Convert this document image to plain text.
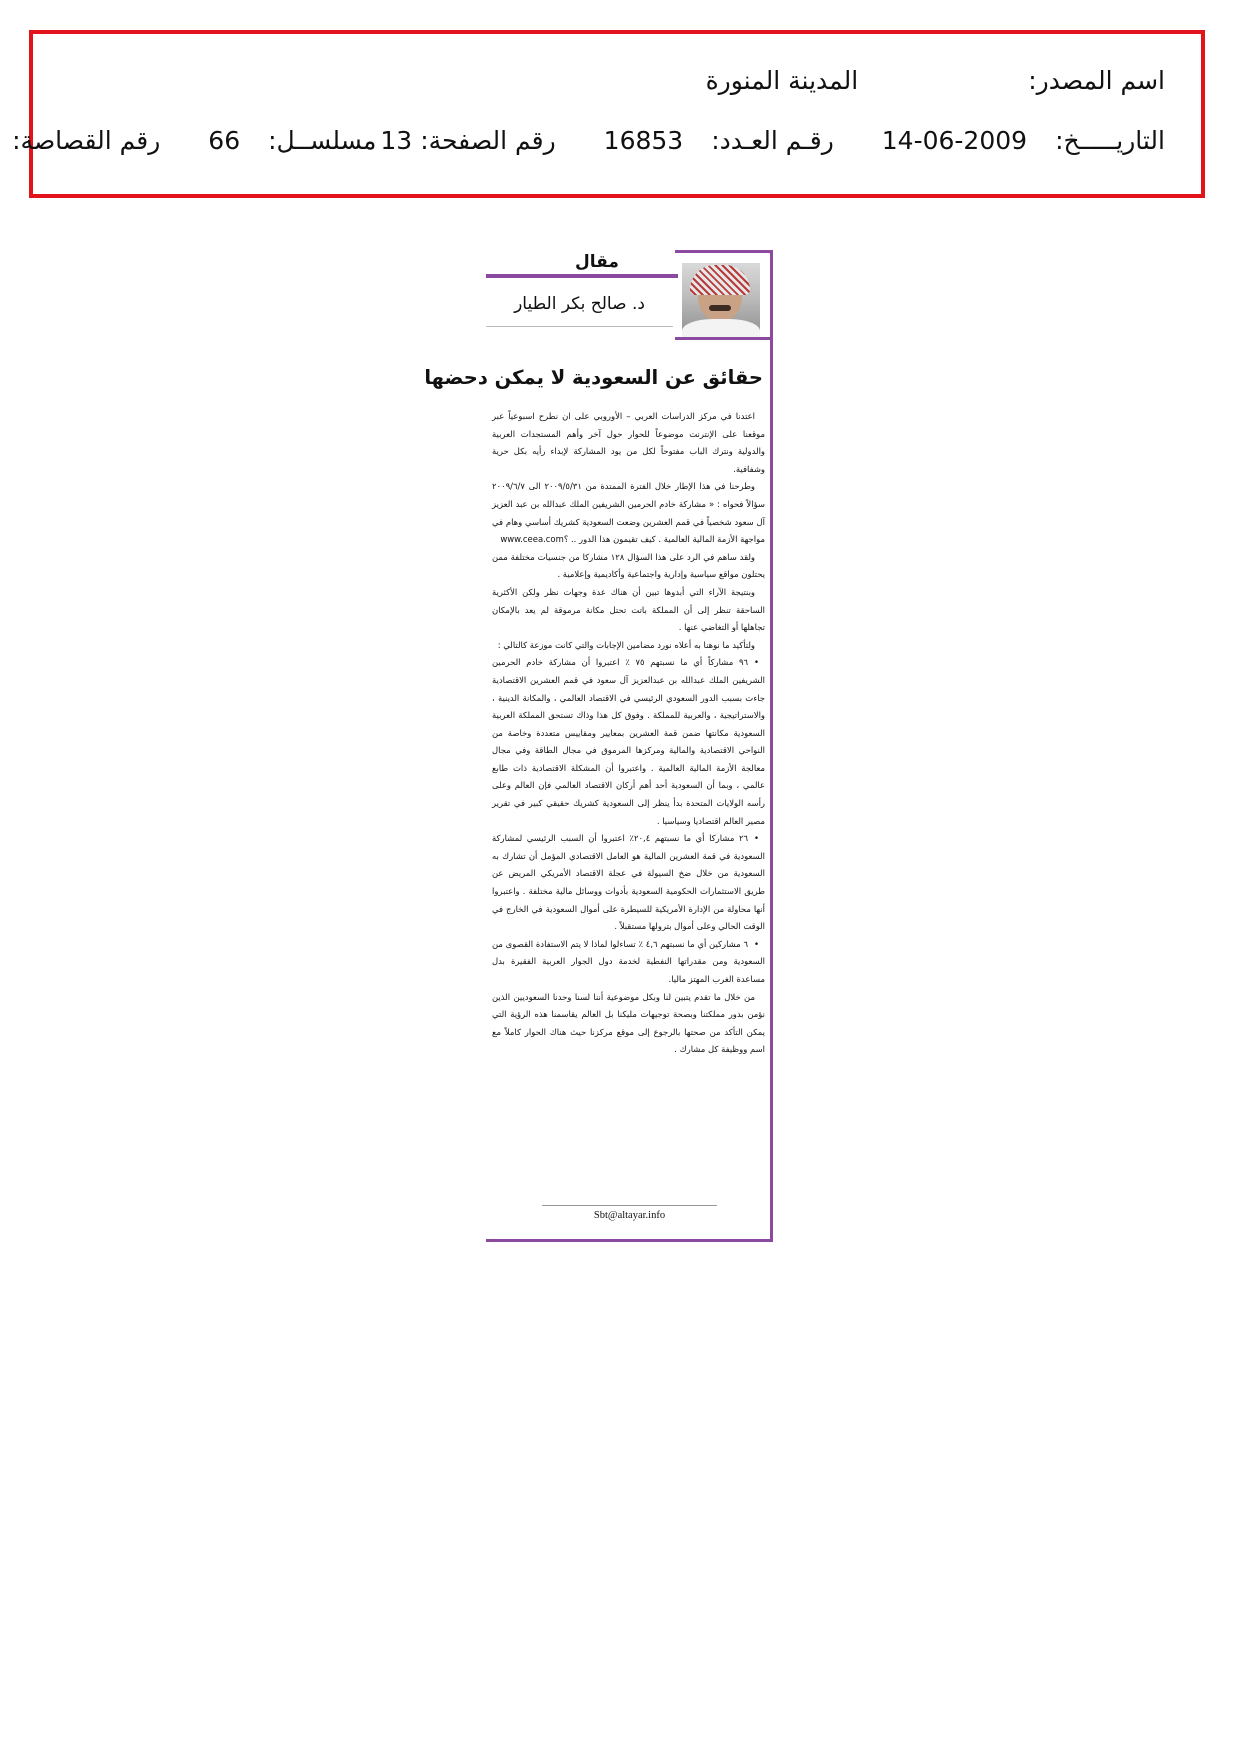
اسم المصدر:
المدينة المنورة
التاريـــــخ:
14-06-2009
رقـم العـدد:
16853
رقم الصفحة:
13
مسلســل:
66
رقم القصاصة:
مقال
د. صالح بكر الطيار
حقائق عن السعودية لا يمكن دحضها

اعتدنا في مركز الدراسات العربي – الأوروبي على ان نطرح اسبوعياً عبر موقعنا على الإنترنت موضوعاً للحوار حول آخر وأهم المستجدات العربية والدولية ونترك الباب مفتوحاً لكل من يود المشاركة لإبداء رأيه بكل حرية وشفافية.

وطرحنا في هذا الإطار خلال الفترة الممتدة من ٢٠٠٩/٥/٣١ الى ٢٠٠٩/٦/٧ سؤالاً فحواه : « مشاركة خادم الحرمين الشريفين الملك عبدالله بن عبد العزيز آل سعود شخصياً في قمم العشرين وضعت السعودية كشريك أساسي وهام في مواجهة الأزمة المالية العالمية . كيف تقيمون هذا الدور .. ؟www.ceea.com

ولقد ساهم في الرد على هذا السؤال ١٢٨ مشاركا من جنسيات مختلفة ممن يحتلون مواقع سياسية وإدارية واجتماعية وأكاديمية وإعلامية .

وبنتيجة الآراء التي أبدوها تبين أن هناك عدة وجهات نظر ولكن الأكثرية الساحقة تنظر إلى أن المملكة باتت تحتل مكانة مرموقة لم يعد بالإمكان تجاهلها أو التغاضي عنها .

ولتأكيد ما نوهنا به أعلاه نورد مضامين الإجابات والتي كانت موزعة كالتالي :

•٩٦ مشاركاً أي ما نسبتهم ٧٥ ٪ اعتبروا أن مشاركة خادم الحرمين الشريفين الملك عبدالله بن عبدالعزيز آل سعود في قمم العشرين الاقتصادية جاءت بسبب الدور السعودي الرئيسي في الاقتصاد العالمي ، والمكانة الدينية ، والاستراتيجية ، والعربية للمملكة . وفوق كل هذا وذاك تستحق المملكة العربية السعودية مكانتها ضمن قمة العشرين بمعايير ومقاييس متعددة وخاصة من النواحي الاقتصادية والمالية ومركزها المرموق في مجال الطاقة وفي مجال معالجة الأزمة المالية العالمية . واعتبروا أن المشكلة الاقتصادية ذات طابع عالمي ، وبما أن السعودية أحد أهم أركان الاقتصاد العالمي فإن العالم وعلى رأسه الولايات المتحدة بدأ ينظر إلى السعودية كشريك حقيقي كبير في تقرير مصير العالم اقتصاديا وسياسيا .

•٢٦ مشاركا أي ما نسبتهم ٢٠,٤٪ اعتبروا أن السبب الرئيسي لمشاركة السعودية في قمة العشرين المالية هو العامل الاقتصادي المؤمل أن تشارك به السعودية من خلال ضخ السيولة في عجلة الاقتصاد الأمريكي المريض عن طريق الاستثمارات الحكومية السعودية بأدوات ووسائل مالية مختلفة . واعتبروا أنها محاولة من الإدارة الأمريكية للسيطرة على أموال السعودية في الخارج في الوقت الحالي وعلى أموال بترولها مستقبلاً .

•٦ مشاركين أي ما نسبتهم ٤,٦ ٪ تساءلوا لماذا لا يتم الاستفادة القصوى من السعودية ومن مقدراتها النفطية لخدمة دول الجوار العربية الفقيرة بدل مساعدة الغرب المهتز ماليا.

من خلال ما تقدم يتبين لنا وبكل موضوعية أننا لسنا وحدنا السعوديين الذين نؤمن بدور مملكتنا وبصحة توجيهات مليكنا بل العالم يقاسمنا هذه الرؤية التي يمكن التأكد من صحتها بالرجوع إلى موقع مركزنا حيث هناك الحوار كاملاً مع اسم ووظيفة كل مشارك .

Sbt@altayar.info
